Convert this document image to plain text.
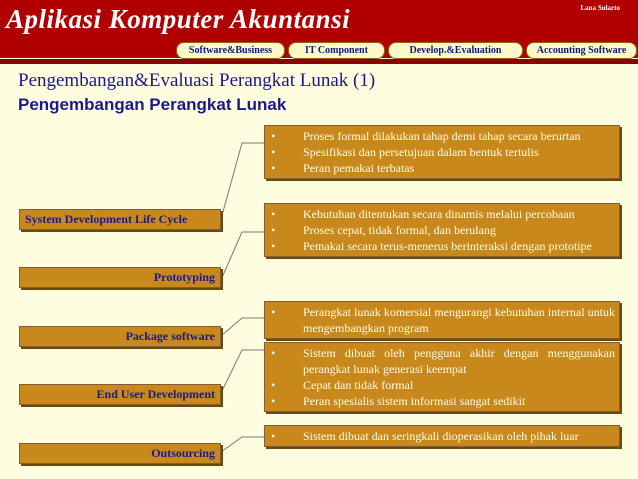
Aplikasi Komputer Akuntansi	Lana Sularto
Software&Business	IT Component	Develop.&Evaluation	Accounting Software
Pengembangan&Evaluasi Perangkat Lunak (1)
Pengembangan Perangkat Lunak
System Development Life Cycle
Prototyping
Package software
End User Development
Outsourcing
•	Proses formal dilakukan tahap demi tahap secara berurtan
•	Spesifikasi dan persetujuan dalam bentuk tertulis
•	Peran pemakai terbatas
•	Kebutuhan ditentukan secara dinamis melalui percobaan
•	Proses cepat, tidak formal, dan berulang
•	Pemakai secara terus-menerus berinteraksi dengan prototipe
•	Perangkat lunak komersial mengurangi kebutuhan internal untuk mengembangkan program
•	Sistem dibuat oleh pengguna akhir dengan menggunakan perangkat lunak generasi keempat
•	Cepat dan tidak formal
•	Peran spesialis sistem informasi sangat sedikit
•	Sistem dibuat dan seringkali dioperasikan oleh pihak luar
